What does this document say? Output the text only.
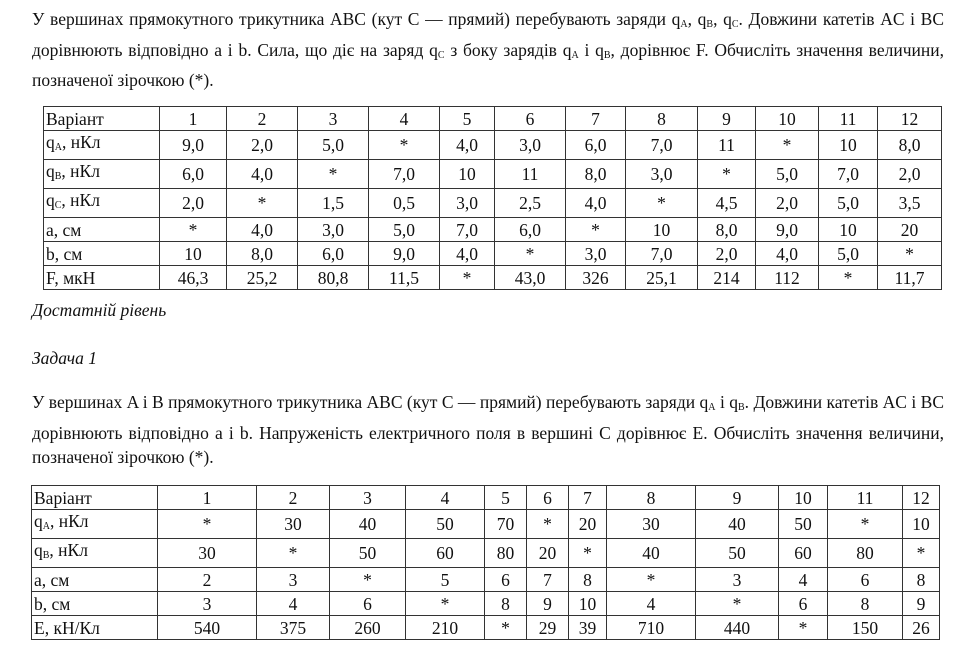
У вершинах прямокутного трикутника ABC (кут C — прямий) перебувають заряди $q_A$, $q_B$, $q_C$. Довжини катетів AC і BC дорівнюють відповідно a і b. Сила, що діє на заряд $q_C$ з боку зарядів $q_A$ і $q_B$, дорівнює F. Обчисліть значення величини, позначеної зірочкою (*).

Варіант	1	2	3	4	5	6	7	8	9	10	11	12
$q_A$, нКл	9,0	2,0	5,0	*	4,0	3,0	6,0	7,0	11	*	10	8,0
$q_B$, нКл	6,0	4,0	*	7,0	10	11	8,0	3,0	*	5,0	7,0	2,0
$q_C$, нКл	2,0	*	1,5	0,5	3,0	2,5	4,0	*	4,5	2,0	5,0	3,5
a, см	*	4,0	3,0	5,0	7,0	6,0	*	10	8,0	9,0	10	20
b, см	10	8,0	6,0	9,0	4,0	*	3,0	7,0	2,0	4,0	5,0	*
F, мкН	46,3	25,2	80,8	11,5	*	43,0	326	25,1	214	112	*	11,7

Достатній рівень

Задача 1

У вершинах A і B прямокутного трикутника ABC (кут C — прямий) перебувають заряди $q_A$ і $q_B$. Довжини катетів AC і BC дорівнюють відповідно a і b. Напруженість електричного поля в вершині C дорівнює E. Обчисліть значення величини, позначеної зірочкою (*).

Варіант	1	2	3	4	5	6	7	8	9	10	11	12
$q_A$, нКл	*	30	40	50	70	*	20	30	40	50	*	10
$q_B$, нКл	30	*	50	60	80	20	*	40	50	60	80	*
a, см	2	3	*	5	6	7	8	*	3	4	6	8
b, см	3	4	6	*	8	9	10	4	*	6	8	9
E, кН/Кл	540	375	260	210	*	29	39	710	440	*	150	26
